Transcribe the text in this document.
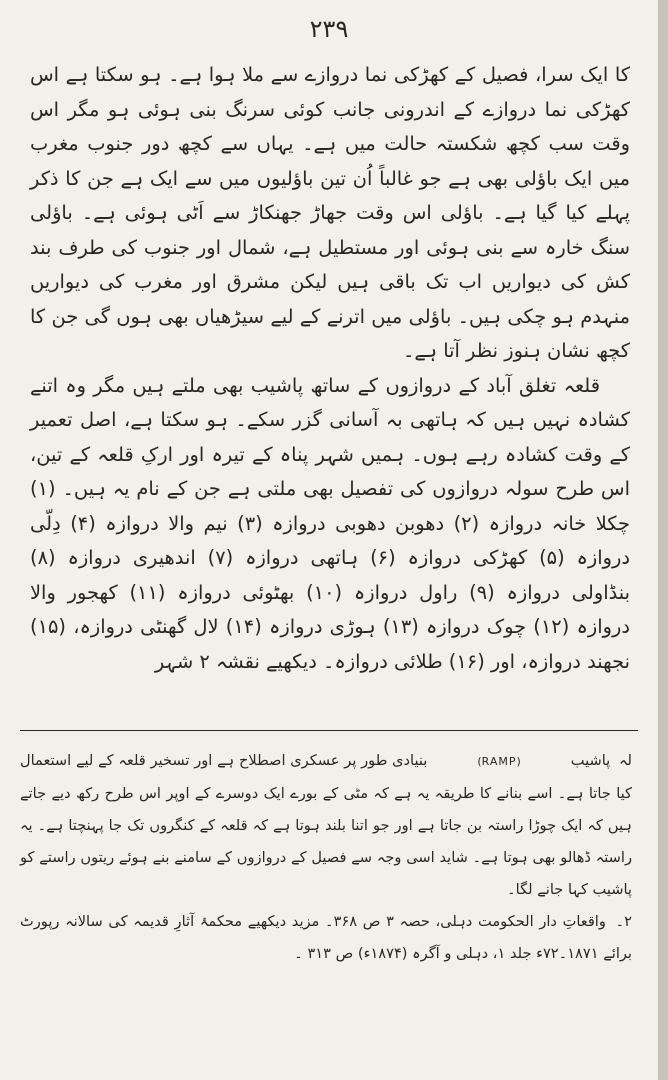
۲۳۹

کا ایک سرا، فصیل کے کھڑکی نما دروازے سے ملا ہوا ہے۔ ہو سکتا ہے اس کھڑکی نما دروازے کے اندرونی جانب کوئی سرنگ بنی ہوئی ہو مگر اس وقت سب کچھ شکستہ حالت میں ہے۔ یہاں سے کچھ دور جنوب مغرب میں ایک باؤلی بھی ہے جو غالباً اُن تین باؤلیوں میں سے ایک ہے جن کا ذکر پہلے کیا گیا ہے۔ باؤلی اس وقت جھاڑ جھنکاڑ سے اَٹی ہوئی ہے۔ باؤلی سنگ خارہ سے بنی ہوئی اور مستطیل ہے، شمال اور جنوب کی طرف بند کش کی دیواریں اب تک باقی ہیں لیکن مشرق اور مغرب کی دیواریں منہدم ہو چکی ہیں۔ باؤلی میں اترنے کے لیے سیڑھیاں بھی ہوں گی جن کا کچھ نشان ہنوز نظر آتا ہے۔

قلعہ تغلق آباد کے دروازوں کے ساتھ پاشیب بھی ملتے ہیں مگر وہ اتنے کشادہ نہیں ہیں کہ ہاتھی بہ آسانی گزر سکے۔ ہو سکتا ہے، اصل تعمیر کے وقت کشادہ رہے ہوں۔ ہمیں شہر پناہ کے تیرہ اور ارکِ قلعہ کے تین، اس طرح سولہ دروازوں کی تفصیل بھی ملتی ہے جن کے نام یہ ہیں۔ (۱) چکلا خانہ دروازہ (۲) دھوبن دھوبی دروازہ (۳) نیم والا دروازہ (۴) دِلّی دروازہ (۵) کھڑکی دروازہ (۶) ہاتھی دروازہ (۷) اندھیری دروازہ (۸) بنڈاولی دروازہ (۹) راول دروازہ (۱۰) بھٹوئی دروازہ (۱۱) کھجور والا دروازہ (۱۲) چوک دروازہ (۱۳) ہوڑی دروازہ (۱۴) لال گھنٹی دروازہ، (۱۵) نجھند دروازہ، اور (۱۶) طلائی دروازہ۔ دیکھیے نقشہ ۲ شہر

لہ پاشیب(RAMP)بنیادی طور پر عسکری اصطلاح ہے اور تسخیر قلعہ کے لیے استعمال کیا جاتا ہے۔ اسے بنانے کا طریقہ یہ ہے کہ مٹی کے بورے ایک دوسرے کے اوپر اس طرح رکھ دیے جاتے ہیں کہ ایک چوڑا راستہ بن جاتا ہے اور جو اتنا بلند ہوتا ہے کہ قلعہ کے کنگروں تک جا پہنچتا ہے۔ یہ راستہ ڈھالو بھی ہوتا ہے۔ شاید اسی وجہ سے فصیل کے دروازوں کے سامنے بنے ہوئے ریتوں راستے کو پاشیب کہا جانے لگا۔

۲۔ واقعاتِ دار الحکومت دہلی، حصہ ۳ ص ۳۶۸۔ مزید دیکھیے محکمۂ آثارِ قدیمہ کی سالانہ رپورٹ برائے ۱۸۷۱۔۷۲ء جلد ۱، دہلی و آگرہ (۱۸۷۴ء) ص ۳۱۳ ۔
